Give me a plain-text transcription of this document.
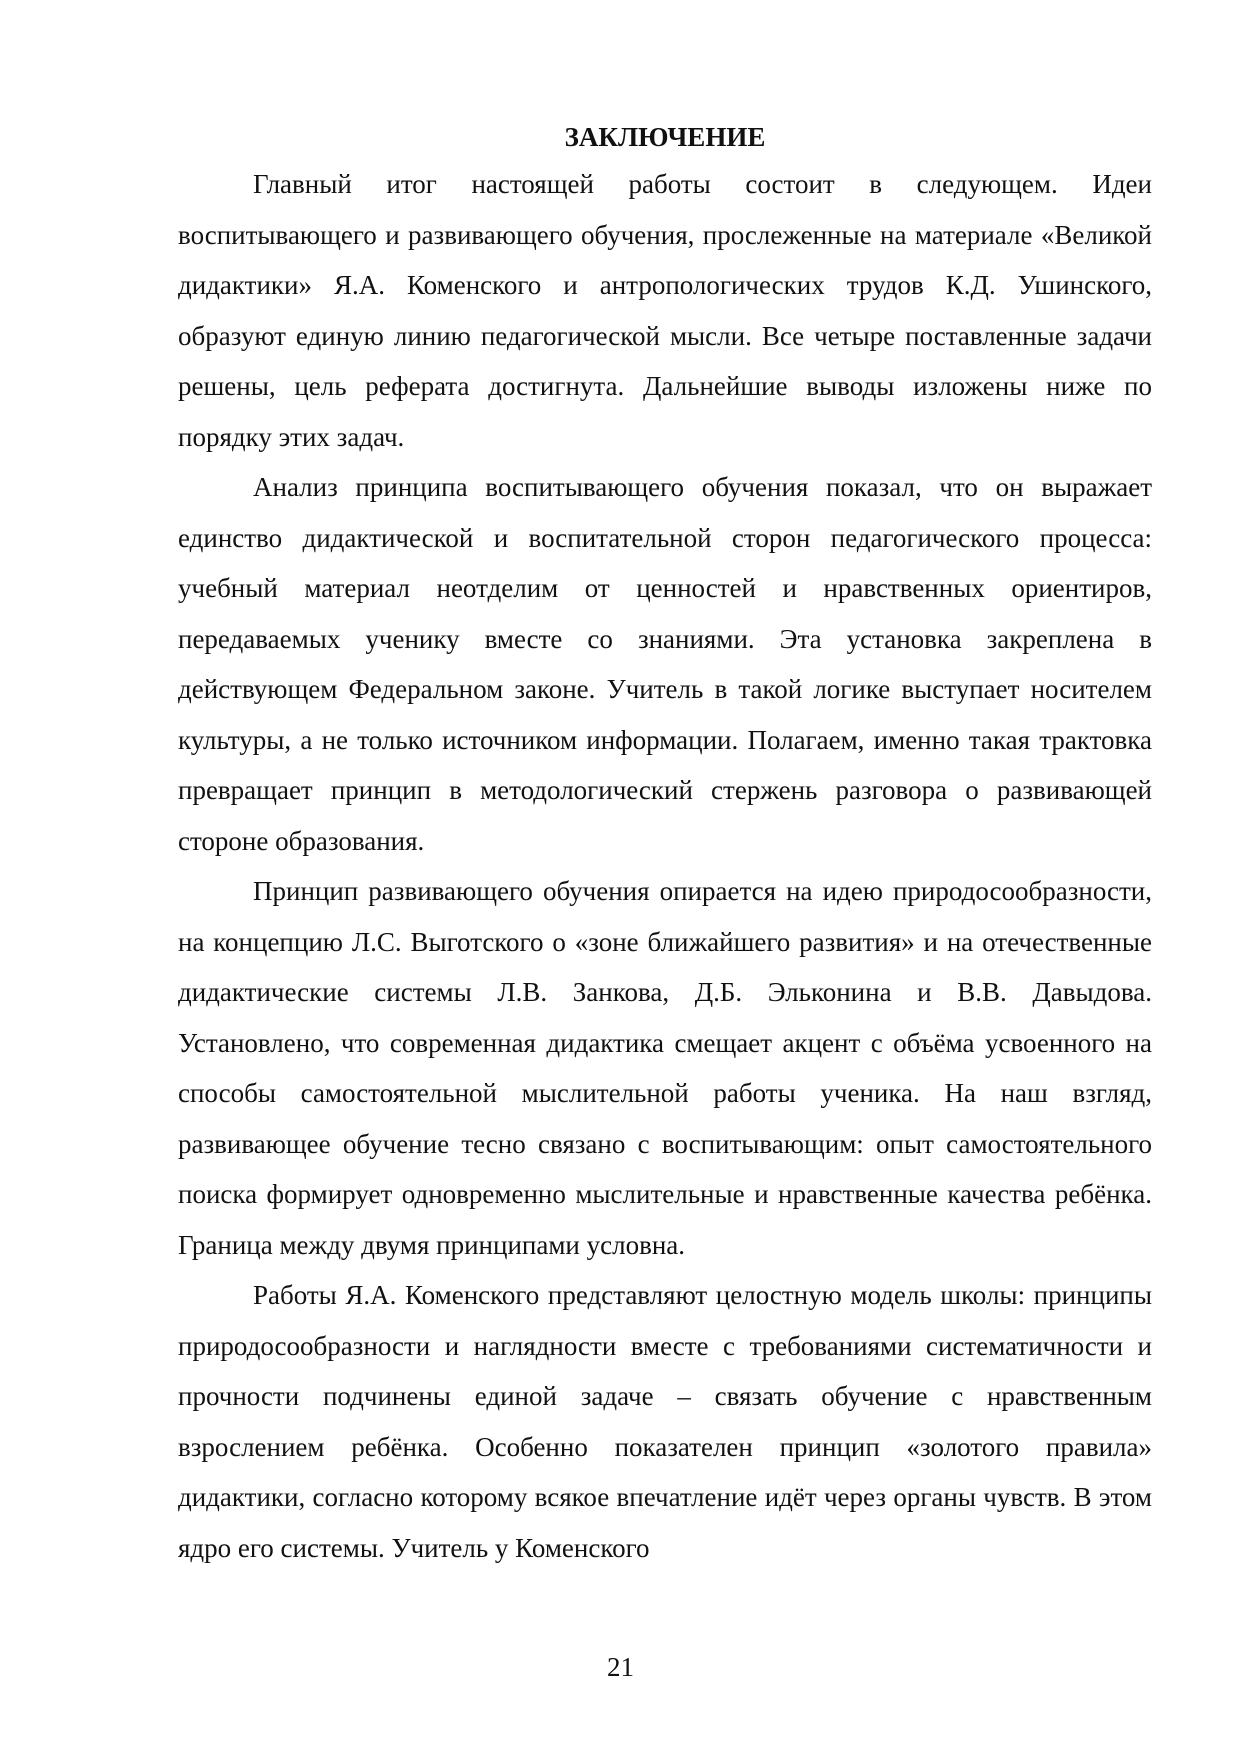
ЗАКЛЮЧЕНИЕ

Главный итог настоящей работы состоит в следующем. Идеи воспитывающего и развивающего обучения, прослеженные на материале «Великой дидактики» Я.А. Коменского и антропологических трудов К.Д. Ушинского, образуют единую линию педагогической мысли. Все четыре поставленные задачи решены, цель реферата достигнута. Дальнейшие выводы изложены ниже по порядку этих задач.

Анализ принципа воспитывающего обучения показал, что он выражает единство дидактической и воспитательной сторон педагогического процесса: учебный материал неотделим от ценностей и нравственных ориентиров, передаваемых ученику вместе со знаниями. Эта установка закреплена в действующем Федеральном законе. Учитель в такой логике выступает носителем культуры, а не только источником информации. Полагаем, именно такая трактовка превращает принцип в методологический стержень разговора о развивающей стороне образования.

Принцип развивающего обучения опирается на идею природосообразности, на концепцию Л.С. Выготского о «зоне ближайшего развития» и на отечественные дидактические системы Л.В. Занкова, Д.Б. Эльконина и В.В. Давыдова. Установлено, что современная дидактика смещает акцент с объёма усвоенного на способы самостоятельной мыслительной работы ученика. На наш взгляд, развивающее обучение тесно связано с воспитывающим: опыт самостоятельного поиска формирует одновременно мыслительные и нравственные качества ребёнка. Граница между двумя принципами условна.

Работы Я.А. Коменского представляют целостную модель школы: принципы природосообразности и наглядности вместе с требованиями систематичности и прочности подчинены единой задаче – связать обучение с нравственным взрослением ребёнка. Особенно показателен принцип «золотого правила» дидактики, согласно которому всякое впечатление идёт через органы чувств. В этом ядро его системы. Учитель у Коменского

21
